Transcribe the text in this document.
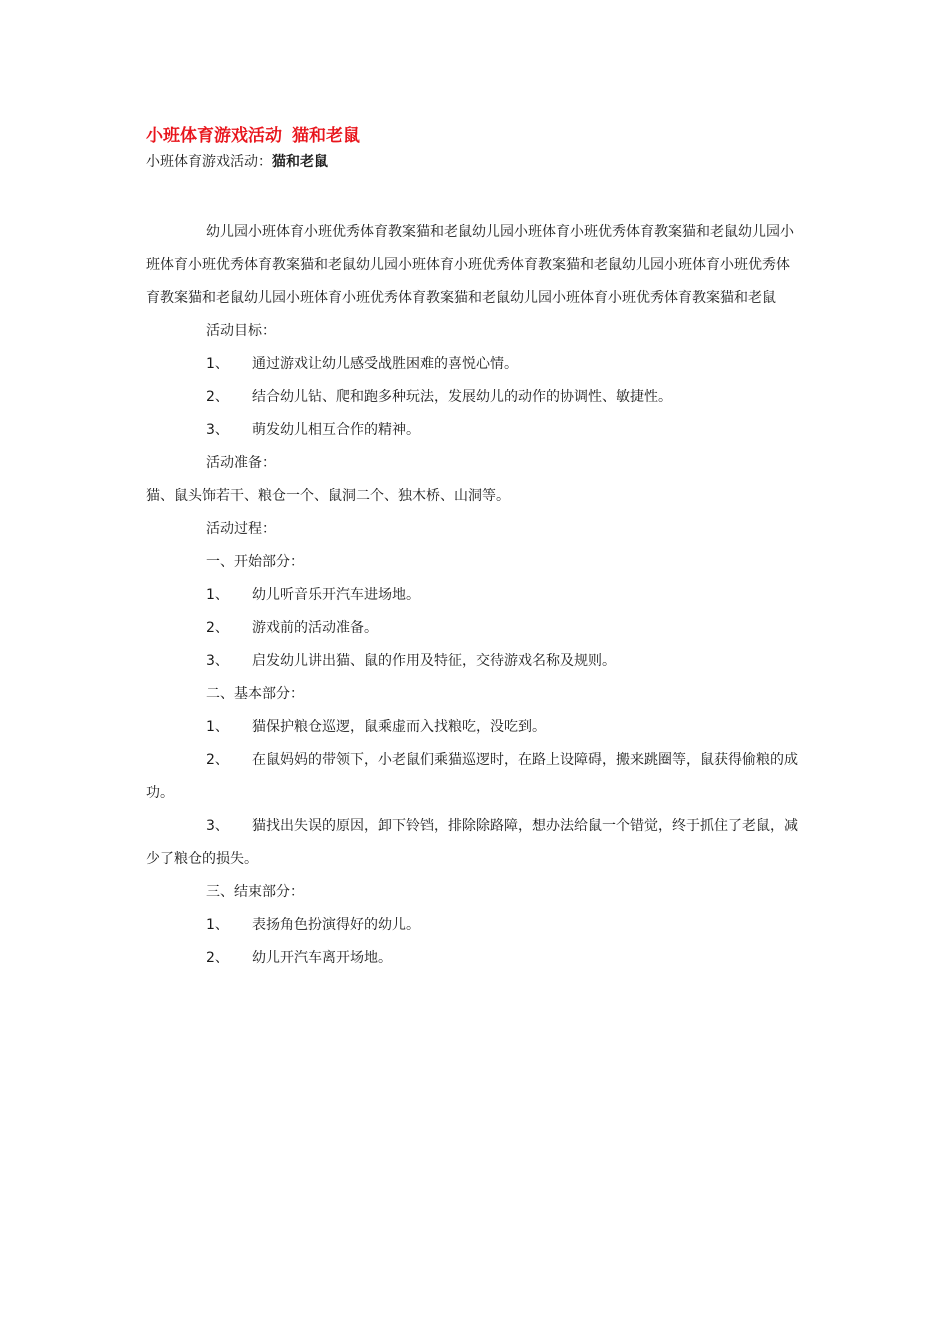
小班体育游戏活动 猫和老鼠

小班体育游戏活动：猫和老鼠

幼儿园小班体育小班优秀体育教案猫和老鼠幼儿园小班体育小班优秀体育教案猫和老鼠幼儿园小班体育小班优秀体育教案猫和老鼠幼儿园小班体育小班优秀体育教案猫和老鼠幼儿园小班体育小班优秀体育教案猫和老鼠幼儿园小班体育小班优秀体育教案猫和老鼠幼儿园小班体育小班优秀体育教案猫和老鼠

活动目标：

1、 通过游戏让幼儿感受战胜困难的喜悦心情。

2、 结合幼儿钻、爬和跑多种玩法，发展幼儿的动作的协调性、敏捷性。

3、 萌发幼儿相互合作的精神。

活动准备：

猫、鼠头饰若干、粮仓一个、鼠洞二个、独木桥、山洞等。

活动过程：

一、开始部分：

1、 幼儿听音乐开汽车进场地。

2、 游戏前的活动准备。

3、 启发幼儿讲出猫、鼠的作用及特征，交待游戏名称及规则。

二、基本部分：

1、 猫保护粮仓巡逻，鼠乘虚而入找粮吃，没吃到。

2、 在鼠妈妈的带领下，小老鼠们乘猫巡逻时，在路上设障碍，搬来跳圈等，鼠获得偷粮的成功。

3、 猫找出失误的原因，卸下铃铛，排除除路障，想办法给鼠一个错觉，终于抓住了老鼠，减少了粮仓的损失。

三、结束部分：

1、 表扬角色扮演得好的幼儿。

2、 幼儿开汽车离开场地。
